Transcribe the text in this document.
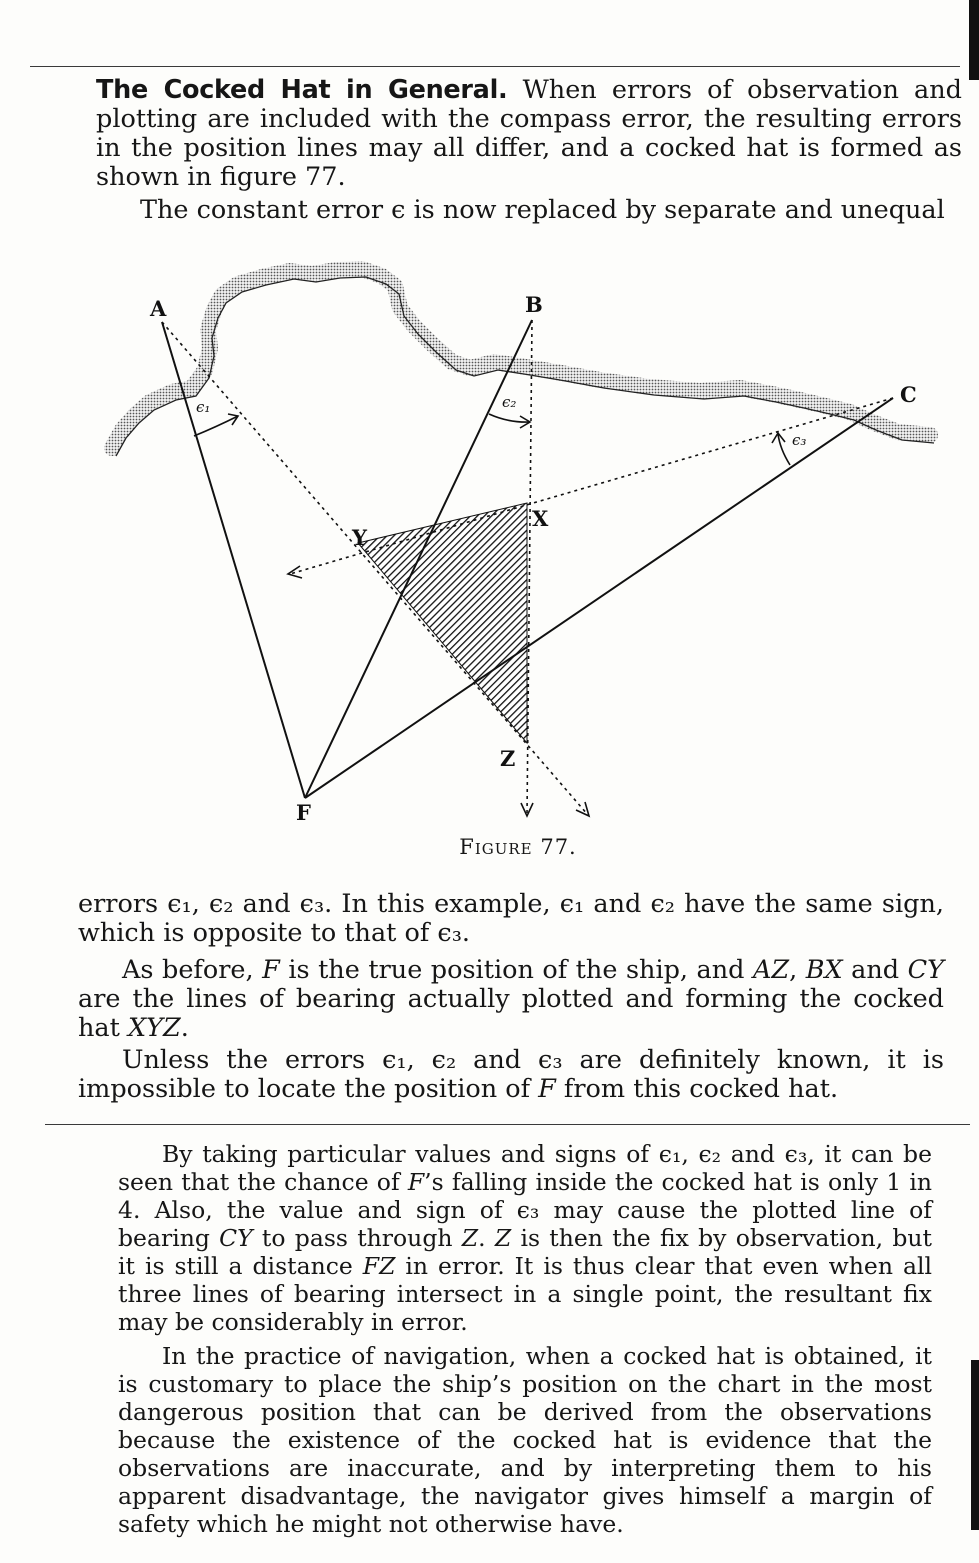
The Cocked Hat in General. When errors of observation and plotting are included with the compass error, the resulting errors in the position lines may all differ, and a cocked hat is formed as shown in figure 77.

The constant error ϵ is now replaced by separate and unequal

A	B
C
X
Y
Z
F
ϵ₁	ϵ₂
ϵ₃
Figure 77.

errors ϵ₁, ϵ₂ and ϵ₃. In this example, ϵ₁ and ϵ₂ have the same sign, which is opposite to that of ϵ₃.

As before, F is the true position of the ship, and AZ, BX and CY are the lines of bearing actually plotted and forming the cocked hat XYZ.

Unless the errors ϵ₁, ϵ₂ and ϵ₃ are definitely known, it is impossible to locate the position of F from this cocked hat.

By taking particular values and signs of ϵ₁, ϵ₂ and ϵ₃, it can be seen that the chance of F’s falling inside the cocked hat is only 1 in 4. Also, the value and sign of ϵ₃ may cause the plotted line of bearing CY to pass through Z. Z is then the fix by observation, but it is still a distance FZ in error. It is thus clear that even when all three lines of bearing intersect in a single point, the resultant fix may be considerably in error.

In the practice of navigation, when a cocked hat is obtained, it is customary to place the ship’s position on the chart in the most dangerous position that can be derived from the observations because the existence of the cocked hat is evidence that the observations are inaccurate, and by interpreting them to his apparent disadvantage, the navigator gives himself a margin of safety which he might not otherwise have.
